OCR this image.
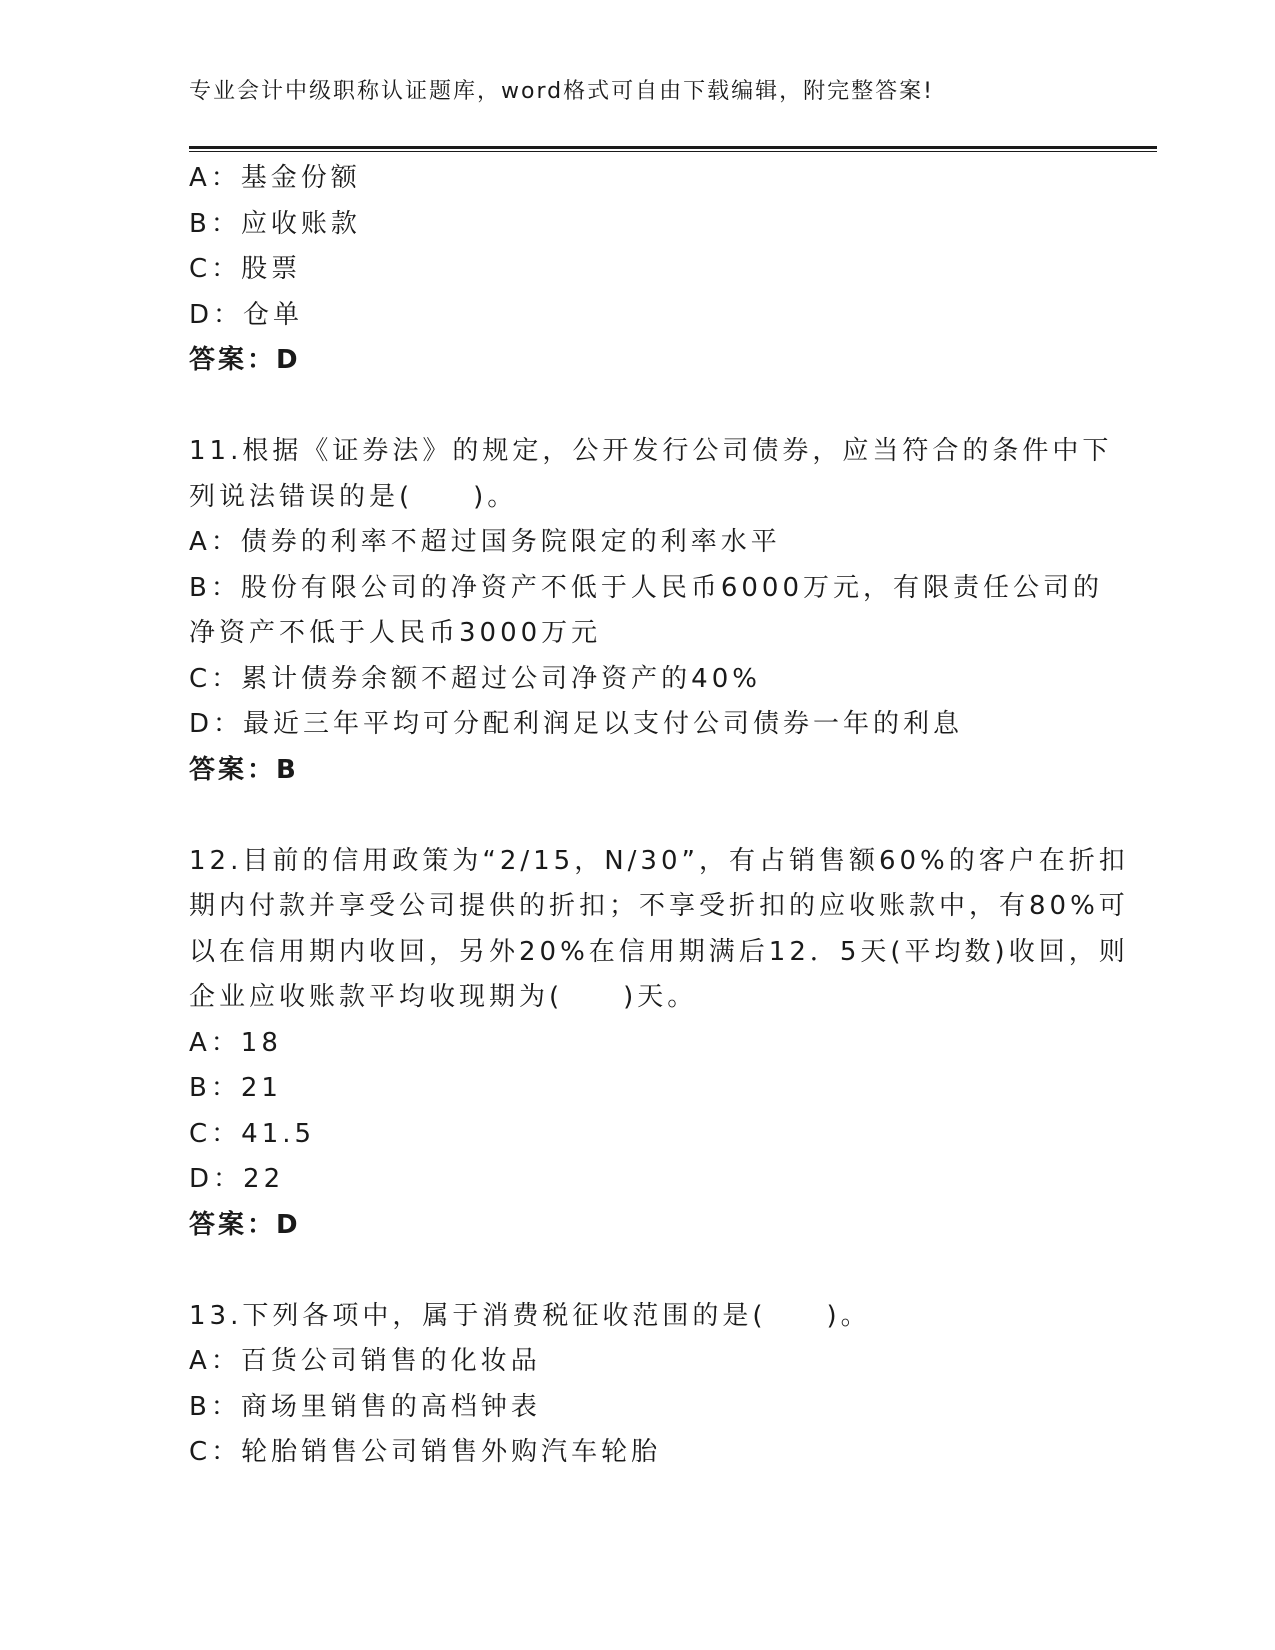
专业会计中级职称认证题库，word格式可自由下载编辑，附完整答案!
A：基金份额
B：应收账款
C：股票
D：仓单
答案：D
11.根据《证券法》的规定，公开发行公司债券，应当符合的条件中下
列说法错误的是(　　)。
A：债券的利率不超过国务院限定的利率水平
B：股份有限公司的净资产不低于人民币6000万元，有限责任公司的
净资产不低于人民币3000万元
C：累计债券余额不超过公司净资产的40%
D：最近三年平均可分配利润足以支付公司债券一年的利息
答案：B
12.目前的信用政策为“2/15，N/30”，有占销售额60%的客户在折扣
期内付款并享受公司提供的折扣；不享受折扣的应收账款中，有80%可
以在信用期内收回，另外20%在信用期满后12．5天(平均数)收回，则
企业应收账款平均收现期为(　　)天。
A：18
B：21
C：41.5
D：22
答案：D
13.下列各项中，属于消费税征收范围的是(　　)。
A：百货公司销售的化妆品
B：商场里销售的高档钟表
C：轮胎销售公司销售外购汽车轮胎
